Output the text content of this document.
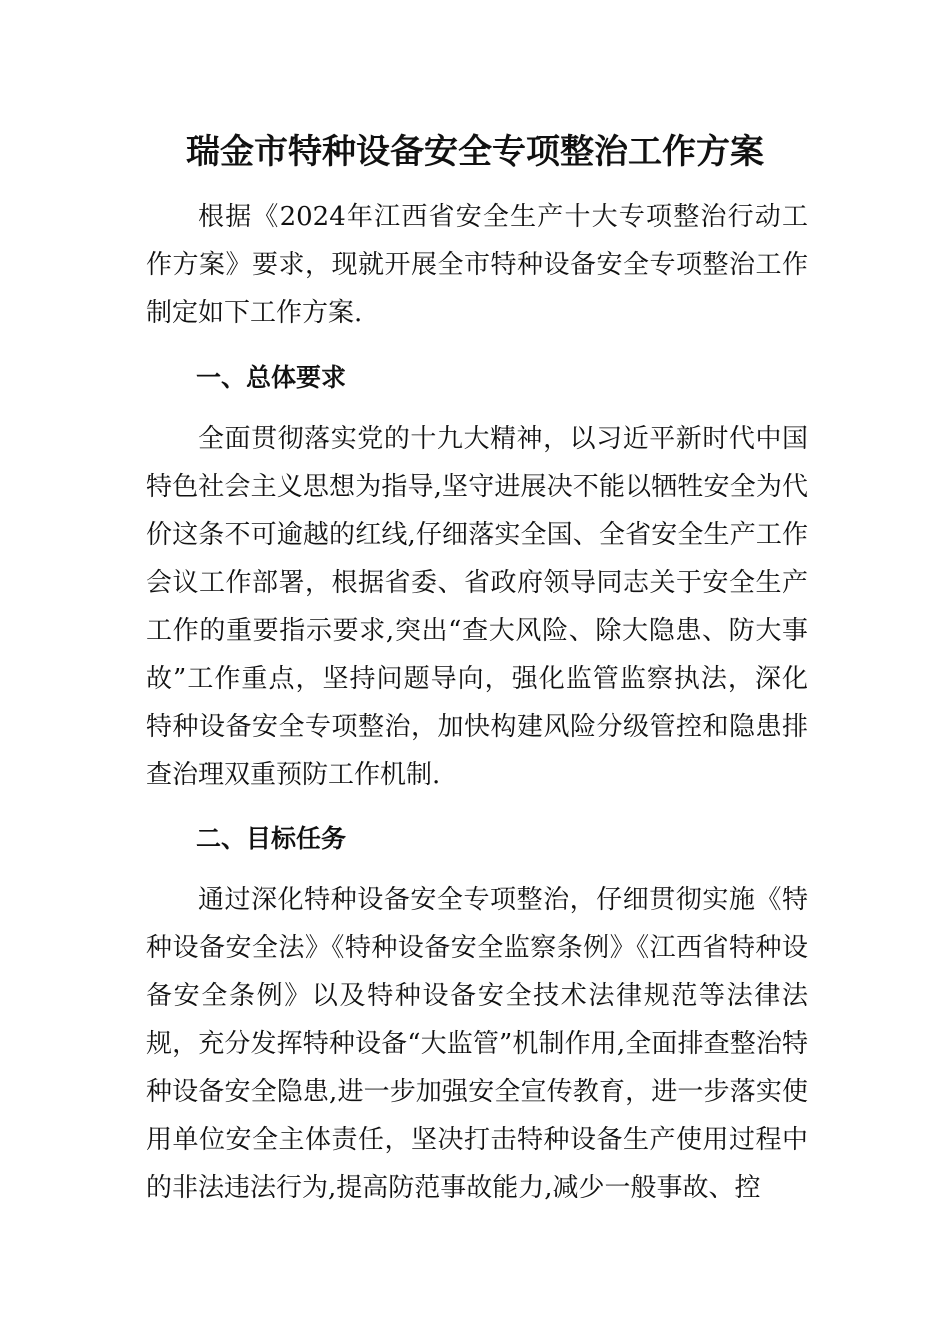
瑞金市特种设备安全专项整治工作方案

根据《2024年江西省安全生产十大专项整治行动工作方案》要求，现就开展全市特种设备安全专项整治工作制定如下工作方案.

一、总体要求

全面贯彻落实党的十九大精神，以习近平新时代中国特色社会主义思想为指导,坚守进展决不能以牺牲安全为代价这条不可逾越的红线,仔细落实全国、全省安全生产工作会议工作部署，根据省委、省政府领导同志关于安全生产工作的重要指示要求,突出“查大风险、除大隐患、防大事故”工作重点，坚持问题导向，强化监管监察执法，深化特种设备安全专项整治，加快构建风险分级管控和隐患排查治理双重预防工作机制.

二、目标任务

通过深化特种设备安全专项整治，仔细贯彻实施《特种设备安全法》《特种设备安全监察条例》《江西省特种设备安全条例》以及特种设备安全技术法律规范等法律法规，充分发挥特种设备“大监管”机制作用,全面排查整治特种设备安全隐患,进一步加强安全宣传教育，进一步落实使用单位安全主体责任，坚决打击特种设备生产使用过程中的非法违法行为,提高防范事故能力,减少一般事故、控
